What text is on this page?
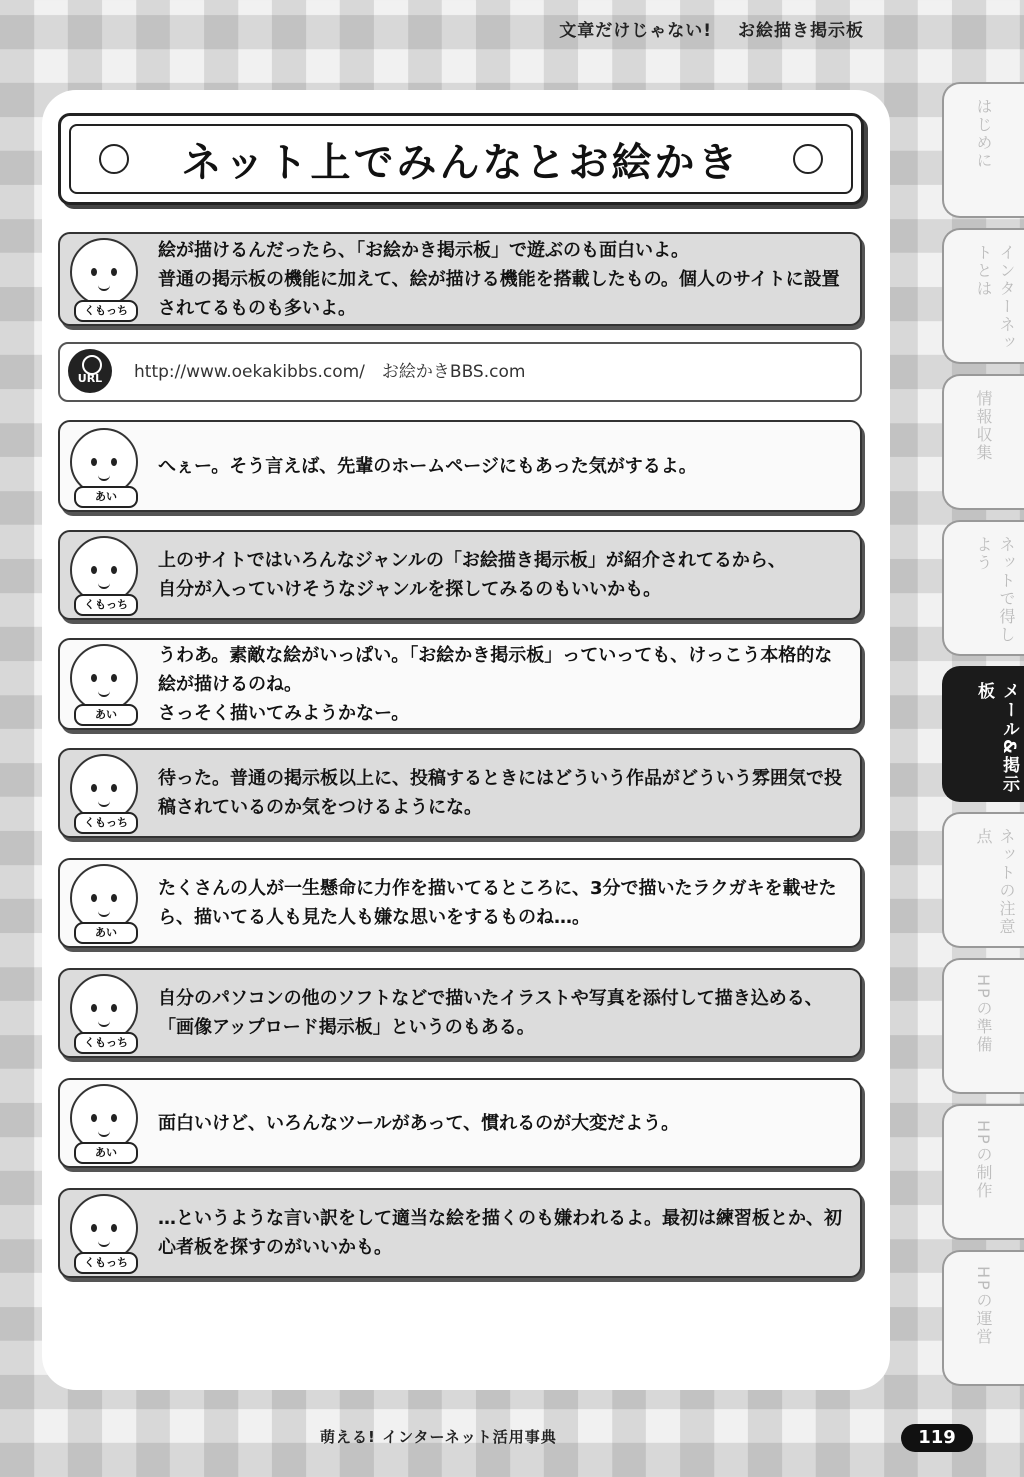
文章だけじゃない! お絵描き掲示板
ネット上でみんなとお絵かき
くもっち
絵が描けるんだったら、「お絵かき掲示板」で遊ぶのも面白いよ。
普通の掲示板の機能に加えて、絵が描ける機能を搭載したもの。個人のサイトに設置されてるものも多いよ。
URL	http://www.oekakibbs.com/　お絵かきBBS.com
あい
へぇー。そう言えば、先輩のホームページにもあった気がするよ。
くもっち
上のサイトではいろんなジャンルの「お絵描き掲示板」が紹介されてるから、
自分が入っていけそうなジャンルを探してみるのもいいかも。
あい
うわあ。素敵な絵がいっぱい。「お絵かき掲示板」っていっても、けっこう本格的な絵が描けるのね。
さっそく描いてみようかなー。
くもっち
待った。普通の掲示板以上に、投稿するときにはどういう作品がどういう雰囲気で投稿されているのか気をつけるようにな。
あい
たくさんの人が一生懸命に力作を描いてるところに、3分で描いたラクガキを載せたら、描いてる人も見た人も嫌な思いをするものね…。
くもっち
自分のパソコンの他のソフトなどで描いたイラストや写真を添付して描き込める、「画像アップロード掲示板」というのもある。
あい
面白いけど、いろんなツールがあって、慣れるのが大変だよう。
くもっち
…というような言い訳をして適当な絵を描くのも嫌われるよ。最初は練習板とか、初心者板を探すのがいいかも。
はじめに
インターネットとは
情報収集
ネットで得しよう
メール&掲示板
ネットの注意点
HPの準備
HPの制作
HPの運営
萌える! インターネット活用事典	119
